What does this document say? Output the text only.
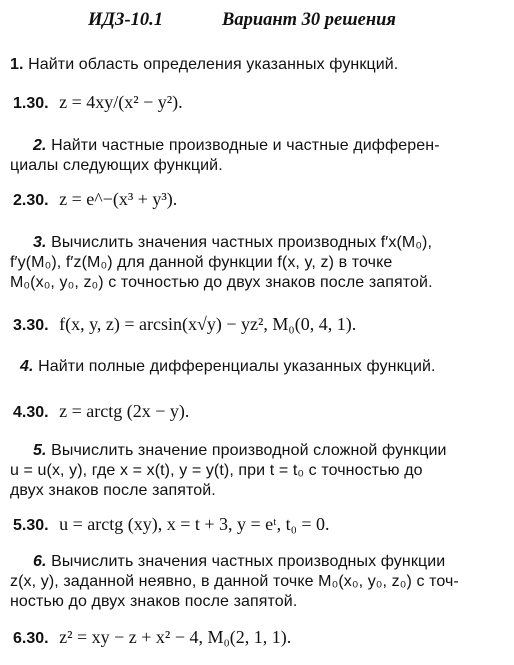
ИДЗ-10.1	Вариант 30 решения
1. Найти область определения указанных функций.
1.30. z = 4xy/(x² − y²).
2. Найти частные производные и частные дифферен-
циалы следующих функций.
2.30. z = e^−(x³ + y³).
3. Вычислить значения частных производных f′x(M₀),
f′y(M₀), f′z(M₀) для данной функции f(x, y, z) в точке
M₀(x₀, y₀, z₀) с точностью до двух знаков после запятой.
3.30. f(x, y, z) = arcsin(x√y) − yz², M₀(0, 4, 1).
4. Найти полные дифференциалы указанных функций.
4.30. z = arctg (2x − y).
5. Вычислить значение производной сложной функции
u = u(x, y), где x = x(t), y = y(t), при t = t₀ с точностью до
двух знаков после запятой.
5.30. u = arctg (xy), x = t + 3, y = eᵗ, t₀ = 0.
6. Вычислить значения частных производных функции
z(x, y), заданной неявно, в данной точке M₀(x₀, y₀, z₀) с точ-
ностью до двух знаков после запятой.
6.30. z² = xy − z + x² − 4, M₀(2, 1, 1).
